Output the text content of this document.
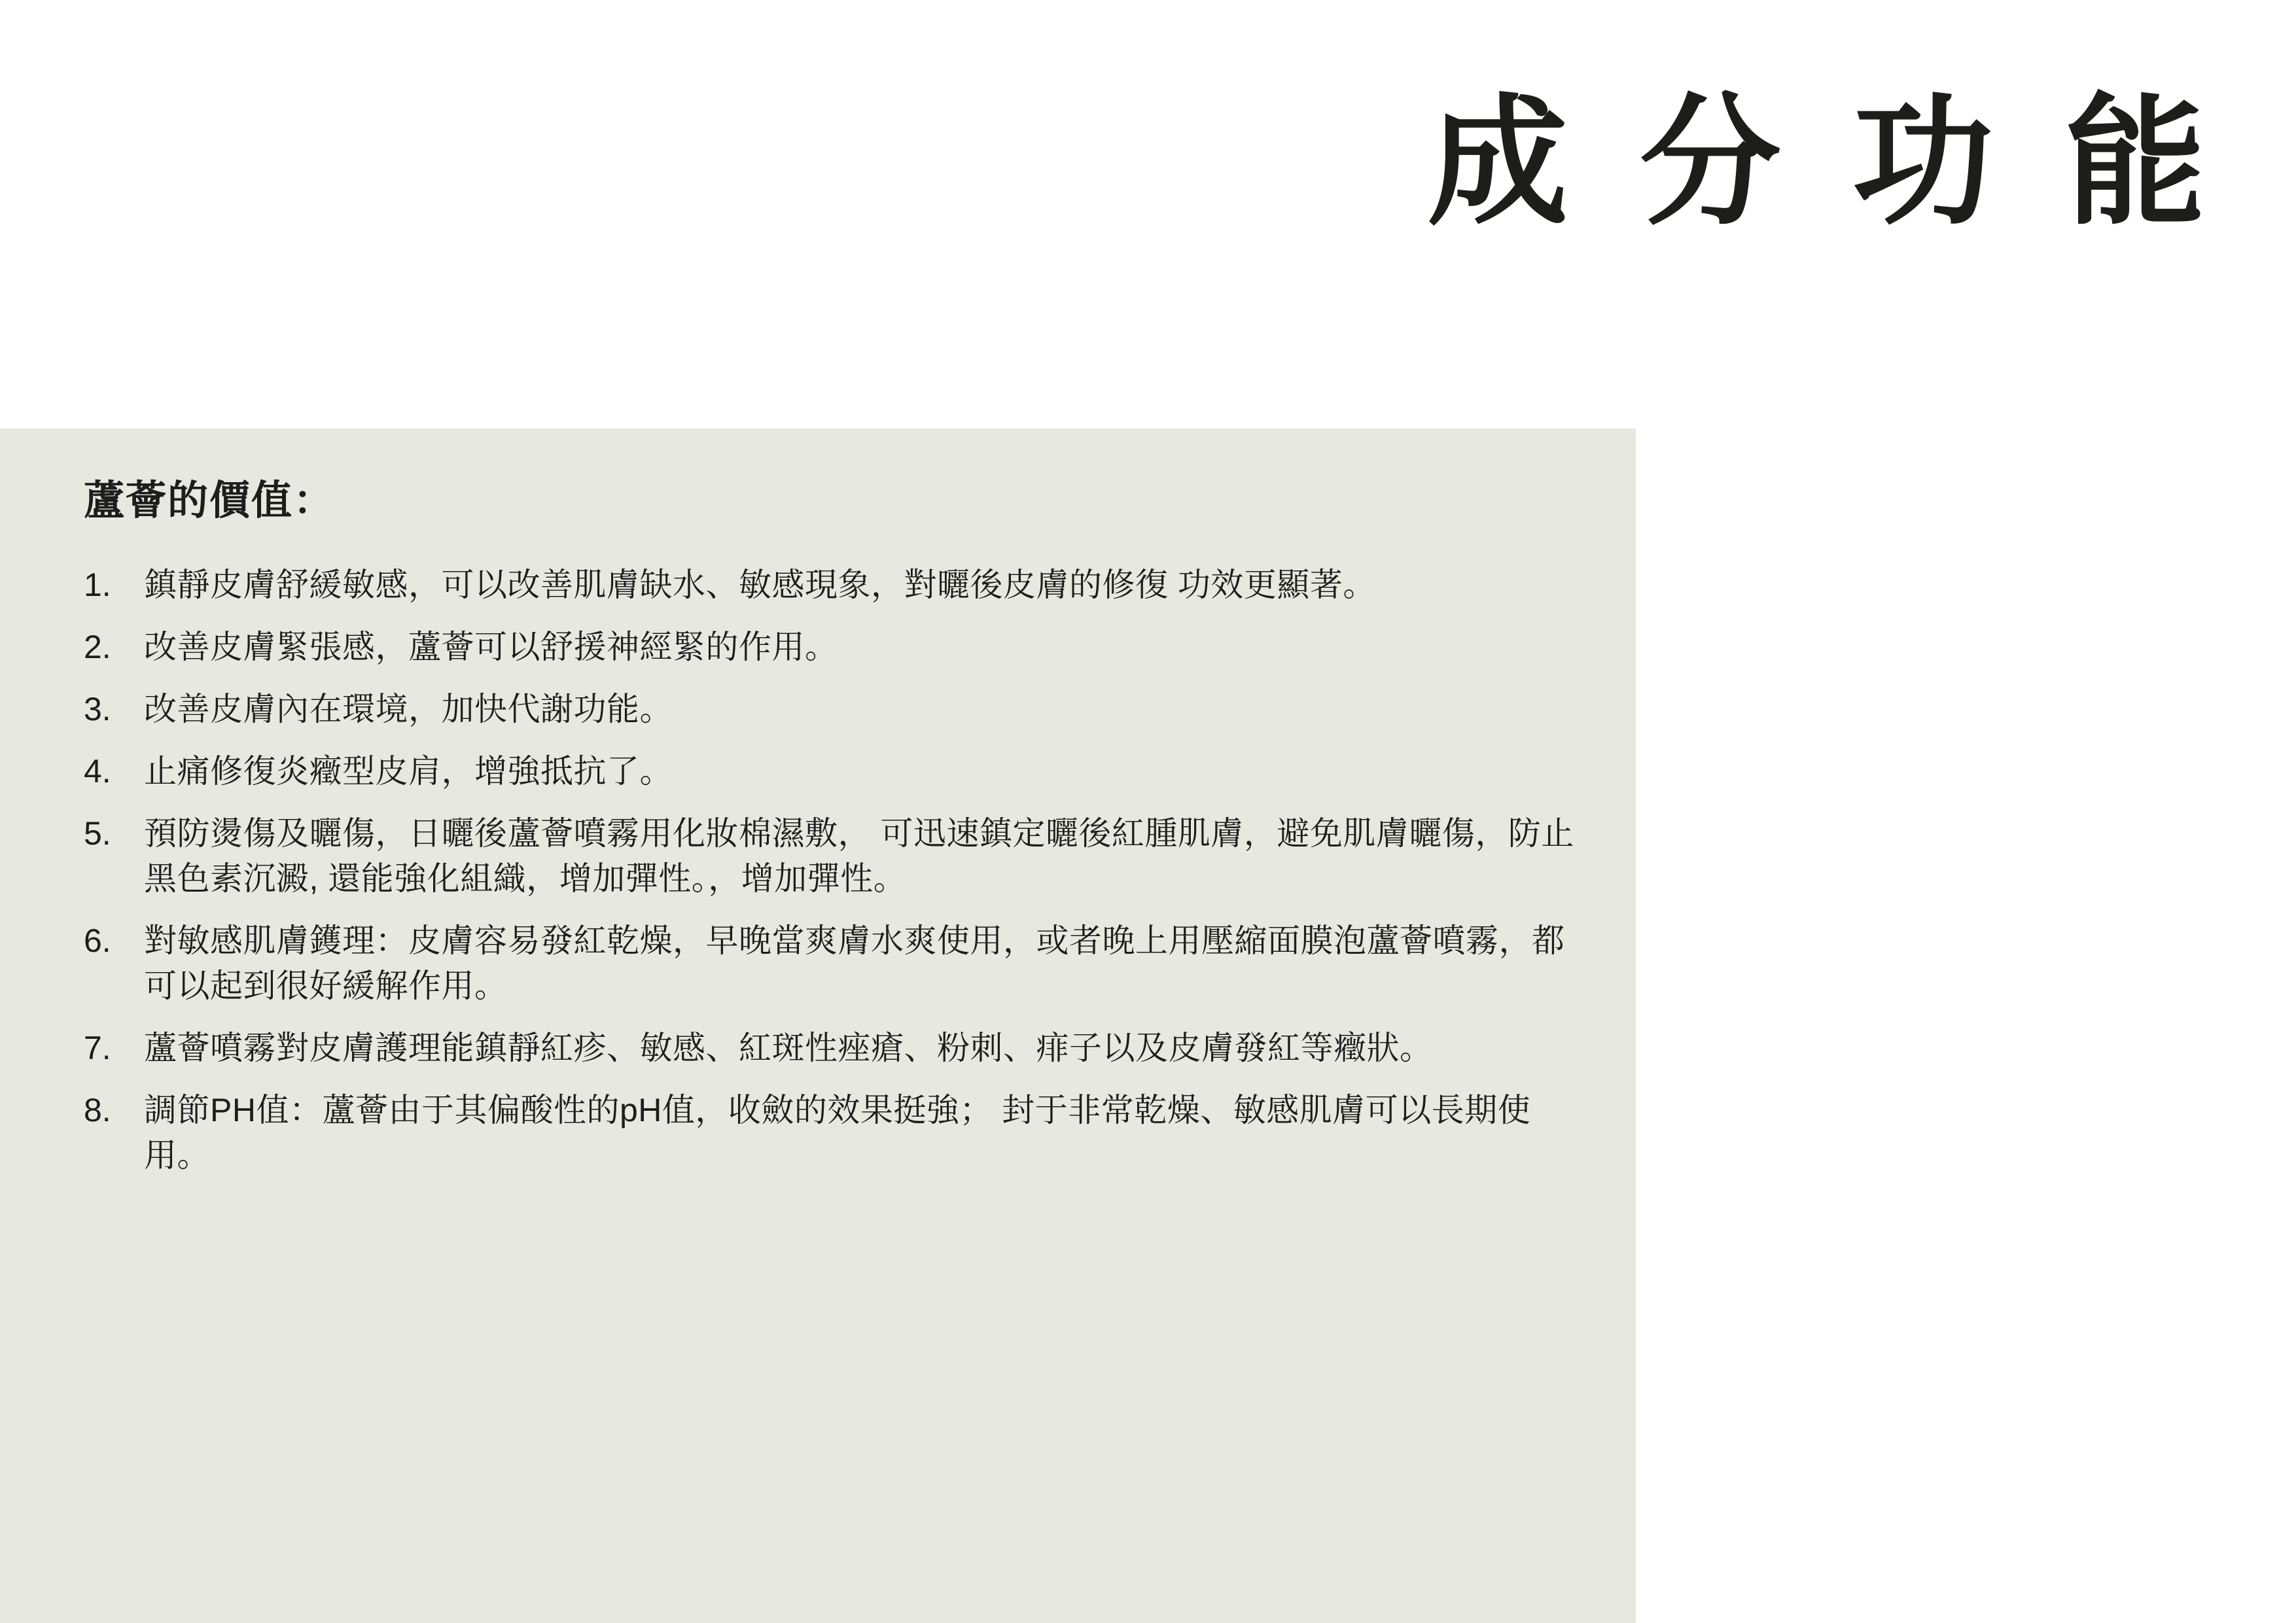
成 分 功 能
蘆薈的價值：
1.	鎮靜皮膚舒緩敏感，可以改善肌膚缺水、敏感現象，對曬後皮膚的修復 功效更顯著。
2.	改善皮膚緊張感，蘆薈可以舒援神經緊的作用。
3.	改善皮膚內在環境，加快代謝功能。
4.	止痛修復炎癥型皮肩，增強抵抗了。
5.	預防燙傷及曬傷，日曬後蘆薈噴霧用化妝棉濕敷， 可迅速鎮定曬後紅腫肌膚，避免肌膚曬傷，防止黑色素沉澱, 還能強化組織，增加彈性。，增加彈性。
6.	對敏感肌膚鑊理：皮膚容易發紅乾燥，早晚當爽膚水爽使用，或者晚上用壓縮面膜泡蘆薈噴霧，都可以起到很好緩解作用。
7.	蘆薈噴霧對皮膚護理能鎮靜紅疹、敏感、紅斑性痤瘡、粉刺、痱子以及皮膚發紅等癥狀。
8.	調節PH值：蘆薈由于其偏酸性的pH值，收斂的效果挺強； 封于非常乾燥、敏感肌膚可以長期使用。
